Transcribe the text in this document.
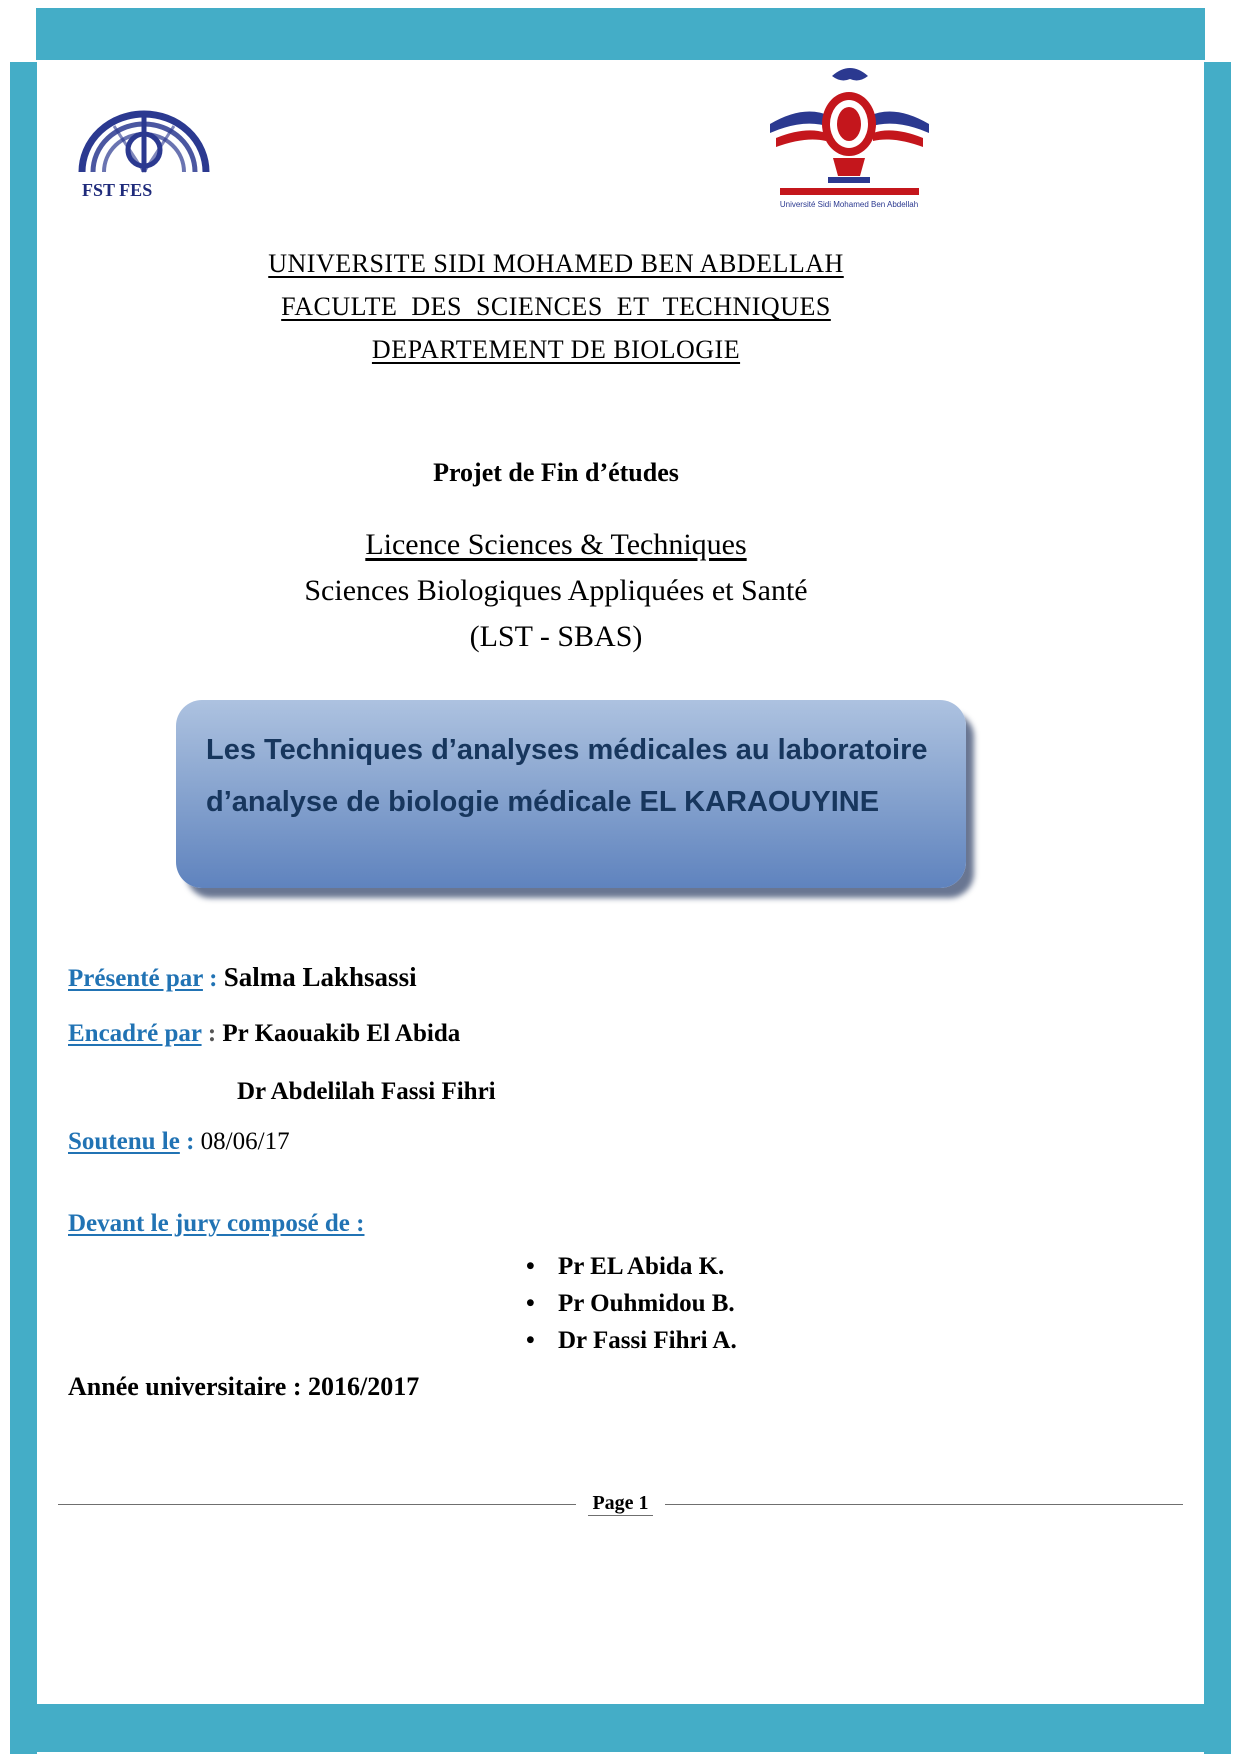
FST FES
Université Sidi Mohamed Ben Abdellah
UNIVERSITE SIDI MOHAMED BEN ABDELLAH
FACULTE  DES  SCIENCES  ET  TECHNIQUES
DEPARTEMENT DE BIOLOGIE
Projet de Fin d’études
Licence Sciences & Techniques
Sciences Biologiques Appliquées et Santé
(LST - SBAS)
Les Techniques d’analyses médicales au laboratoire d’analyse de biologie médicale EL KARAOUYINE
Présenté par : Salma Lakhsassi
Encadré par : Pr Kaouakib El Abida
Dr Abdelilah Fassi Fihri
Soutenu le : 08/06/17
Devant le jury composé de :
• Pr EL Abida K.
• Pr Ouhmidou B.
• Dr Fassi Fihri A.
Année universitaire : 2016/2017
Page 1
